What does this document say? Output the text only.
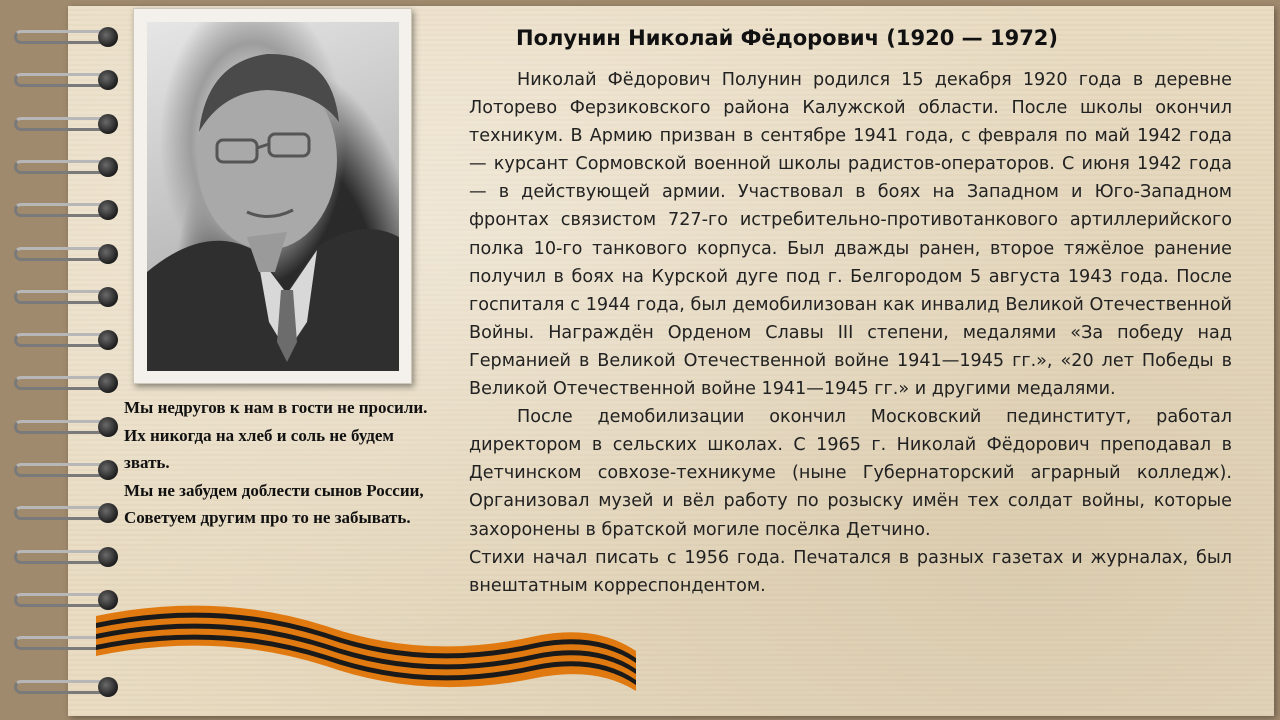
Полунин Николай Фёдорович (1920 — 1972)

Николай Фёдорович Полунин родился 15 декабря 1920 года в деревне Лоторево Ферзиковского района Калужской области. После школы окончил техникум. В Армию призван в сентябре 1941 года, с февраля по май 1942 года — курсант Сормовской военной школы радистов-операторов. С июня 1942 года — в действующей армии. Участвовал в боях на Западном и Юго-Западном фронтах связистом 727-го истребительно-противотанкового артиллерийского полка 10-го танкового корпуса. Был дважды ранен, второе тяжёлое ранение получил в боях на Курской дуге под г. Белгородом 5 августа 1943 года. После госпиталя с 1944 года, был демобилизован как инвалид Великой Отечественной Войны. Награждён Орденом Славы III степени, медалями «За победу над Германией в Великой Отечественной войне 1941—1945 гг.», «20 лет Победы в Великой Отечественной войне 1941—1945 гг.» и другими медалями.

После демобилизации окончил Московский пединститут, работал директором в сельских школах. С 1965 г. Николай Фёдорович преподавал в Детчинском совхозе-техникуме (ныне Губернаторский аграрный колледж). Организовал музей и вёл работу по розыску имён тех солдат войны, которые захоронены в братской могиле посёлка Детчино.

Стихи начал писать с 1956 года. Печатался в разных газетах и журналах, был внештатным корреспондентом.

Мы недругов к нам в гости не просили.
Их никогда на хлеб и соль не будем звать.
Мы не забудем доблести сынов России,
Советуем другим про то не забывать.
